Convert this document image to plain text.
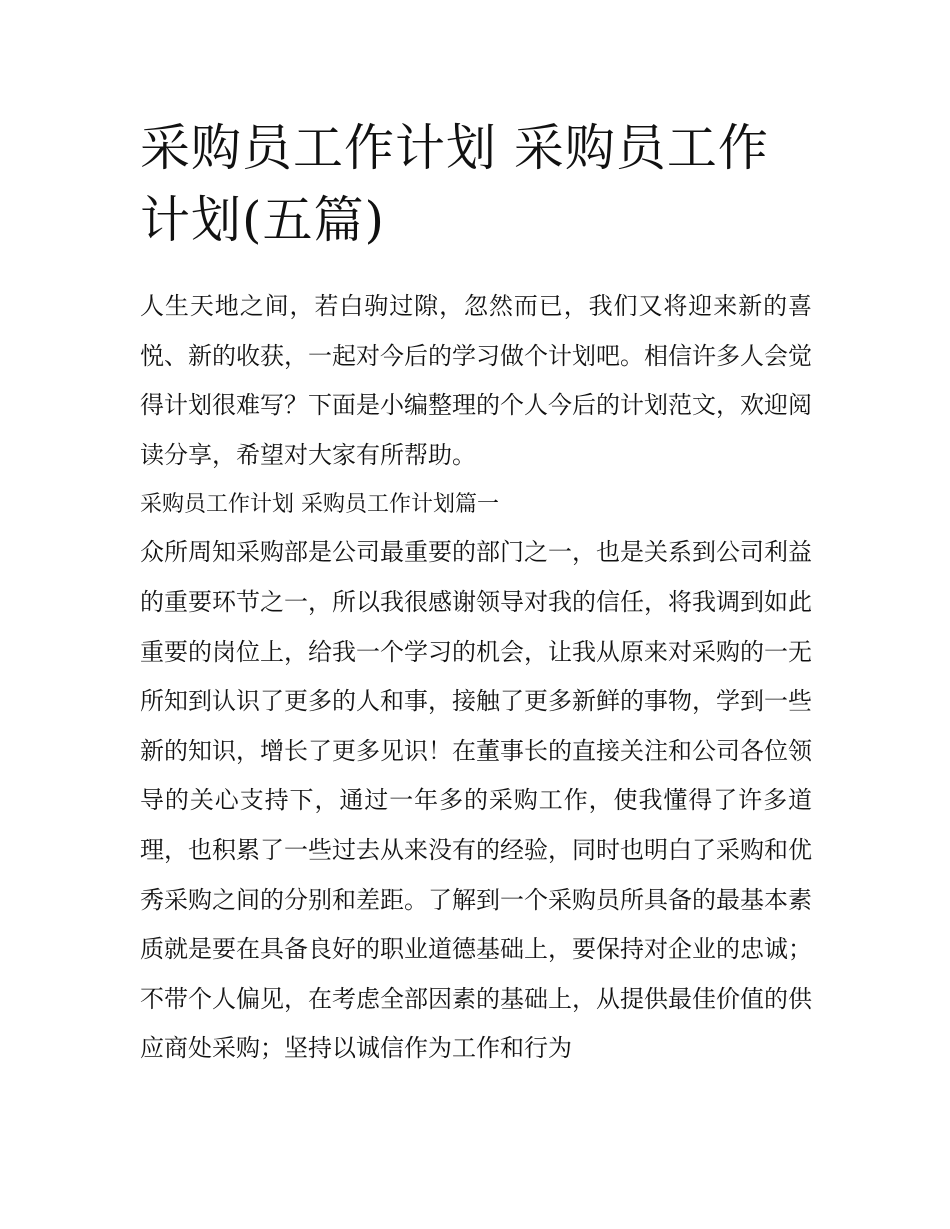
采购员工作计划 采购员工作计划(五篇)

人生天地之间，若白驹过隙，忽然而已，我们又将迎来新的喜悦、新的收获，一起对今后的学习做个计划吧。相信许多人会觉得计划很难写？下面是小编整理的个人今后的计划范文，欢迎阅读分享，希望对大家有所帮助。

采购员工作计划 采购员工作计划篇一

众所周知采购部是公司最重要的部门之一，也是关系到公司利益的重要环节之一，所以我很感谢领导对我的信任，将我调到如此重要的岗位上，给我一个学习的机会，让我从原来对采购的一无所知到认识了更多的人和事，接触了更多新鲜的事物，学到一些新的知识，增长了更多见识！在董事长的直接关注和公司各位领导的关心支持下，通过一年多的采购工作，使我懂得了许多道理，也积累了一些过去从来没有的经验，同时也明白了采购和优秀采购之间的分别和差距。了解到一个采购员所具备的最基本素质就是要在具备良好的职业道德基础上，要保持对企业的忠诚；不带个人偏见，在考虑全部因素的基础上，从提供最佳价值的供应商处采购；坚持以诚信作为工作和行为
